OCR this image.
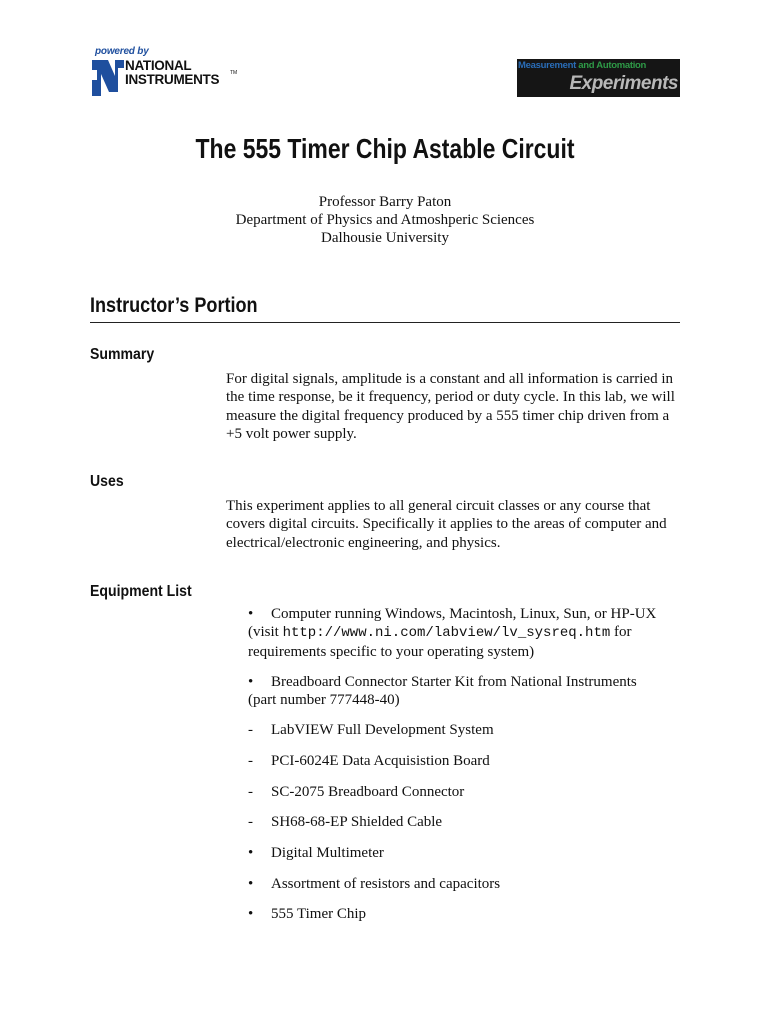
powered by
NATIONAL
INSTRUMENTS TM
Measurement and Automation
Experiments
The 555 Timer Chip Astable Circuit
Professor Barry Paton
Department of Physics and Atmoshperic Sciences
Dalhousie University
Instructor’s Portion
Summary

For digital signals, amplitude is a constant and all information is carried in the time response, be it frequency, period or duty cycle. In this lab, we will measure the digital frequency produced by a 555 timer chip driven from a +5 volt power supply.

Uses

This experiment applies to all general circuit classes or any course that covers digital circuits. Specifically it applies to the areas of computer and electrical/electronic engineering, and physics.

Equipment List
• Computer running Windows, Macintosh, Linux, Sun, or HP-UX
(visit http://www.ni.com/labview/lv_sysreq.htm for
requirements specific to your operating system)
• Breadboard Connector Starter Kit from National Instruments
(part number 777448-40)
- LabVIEW Full Development System
- PCI-6024E Data Acquisistion Board
- SC-2075 Breadboard Connector
- SH68-68-EP Shielded Cable
• Digital Multimeter
• Assortment of resistors and capacitors
• 555 Timer Chip
